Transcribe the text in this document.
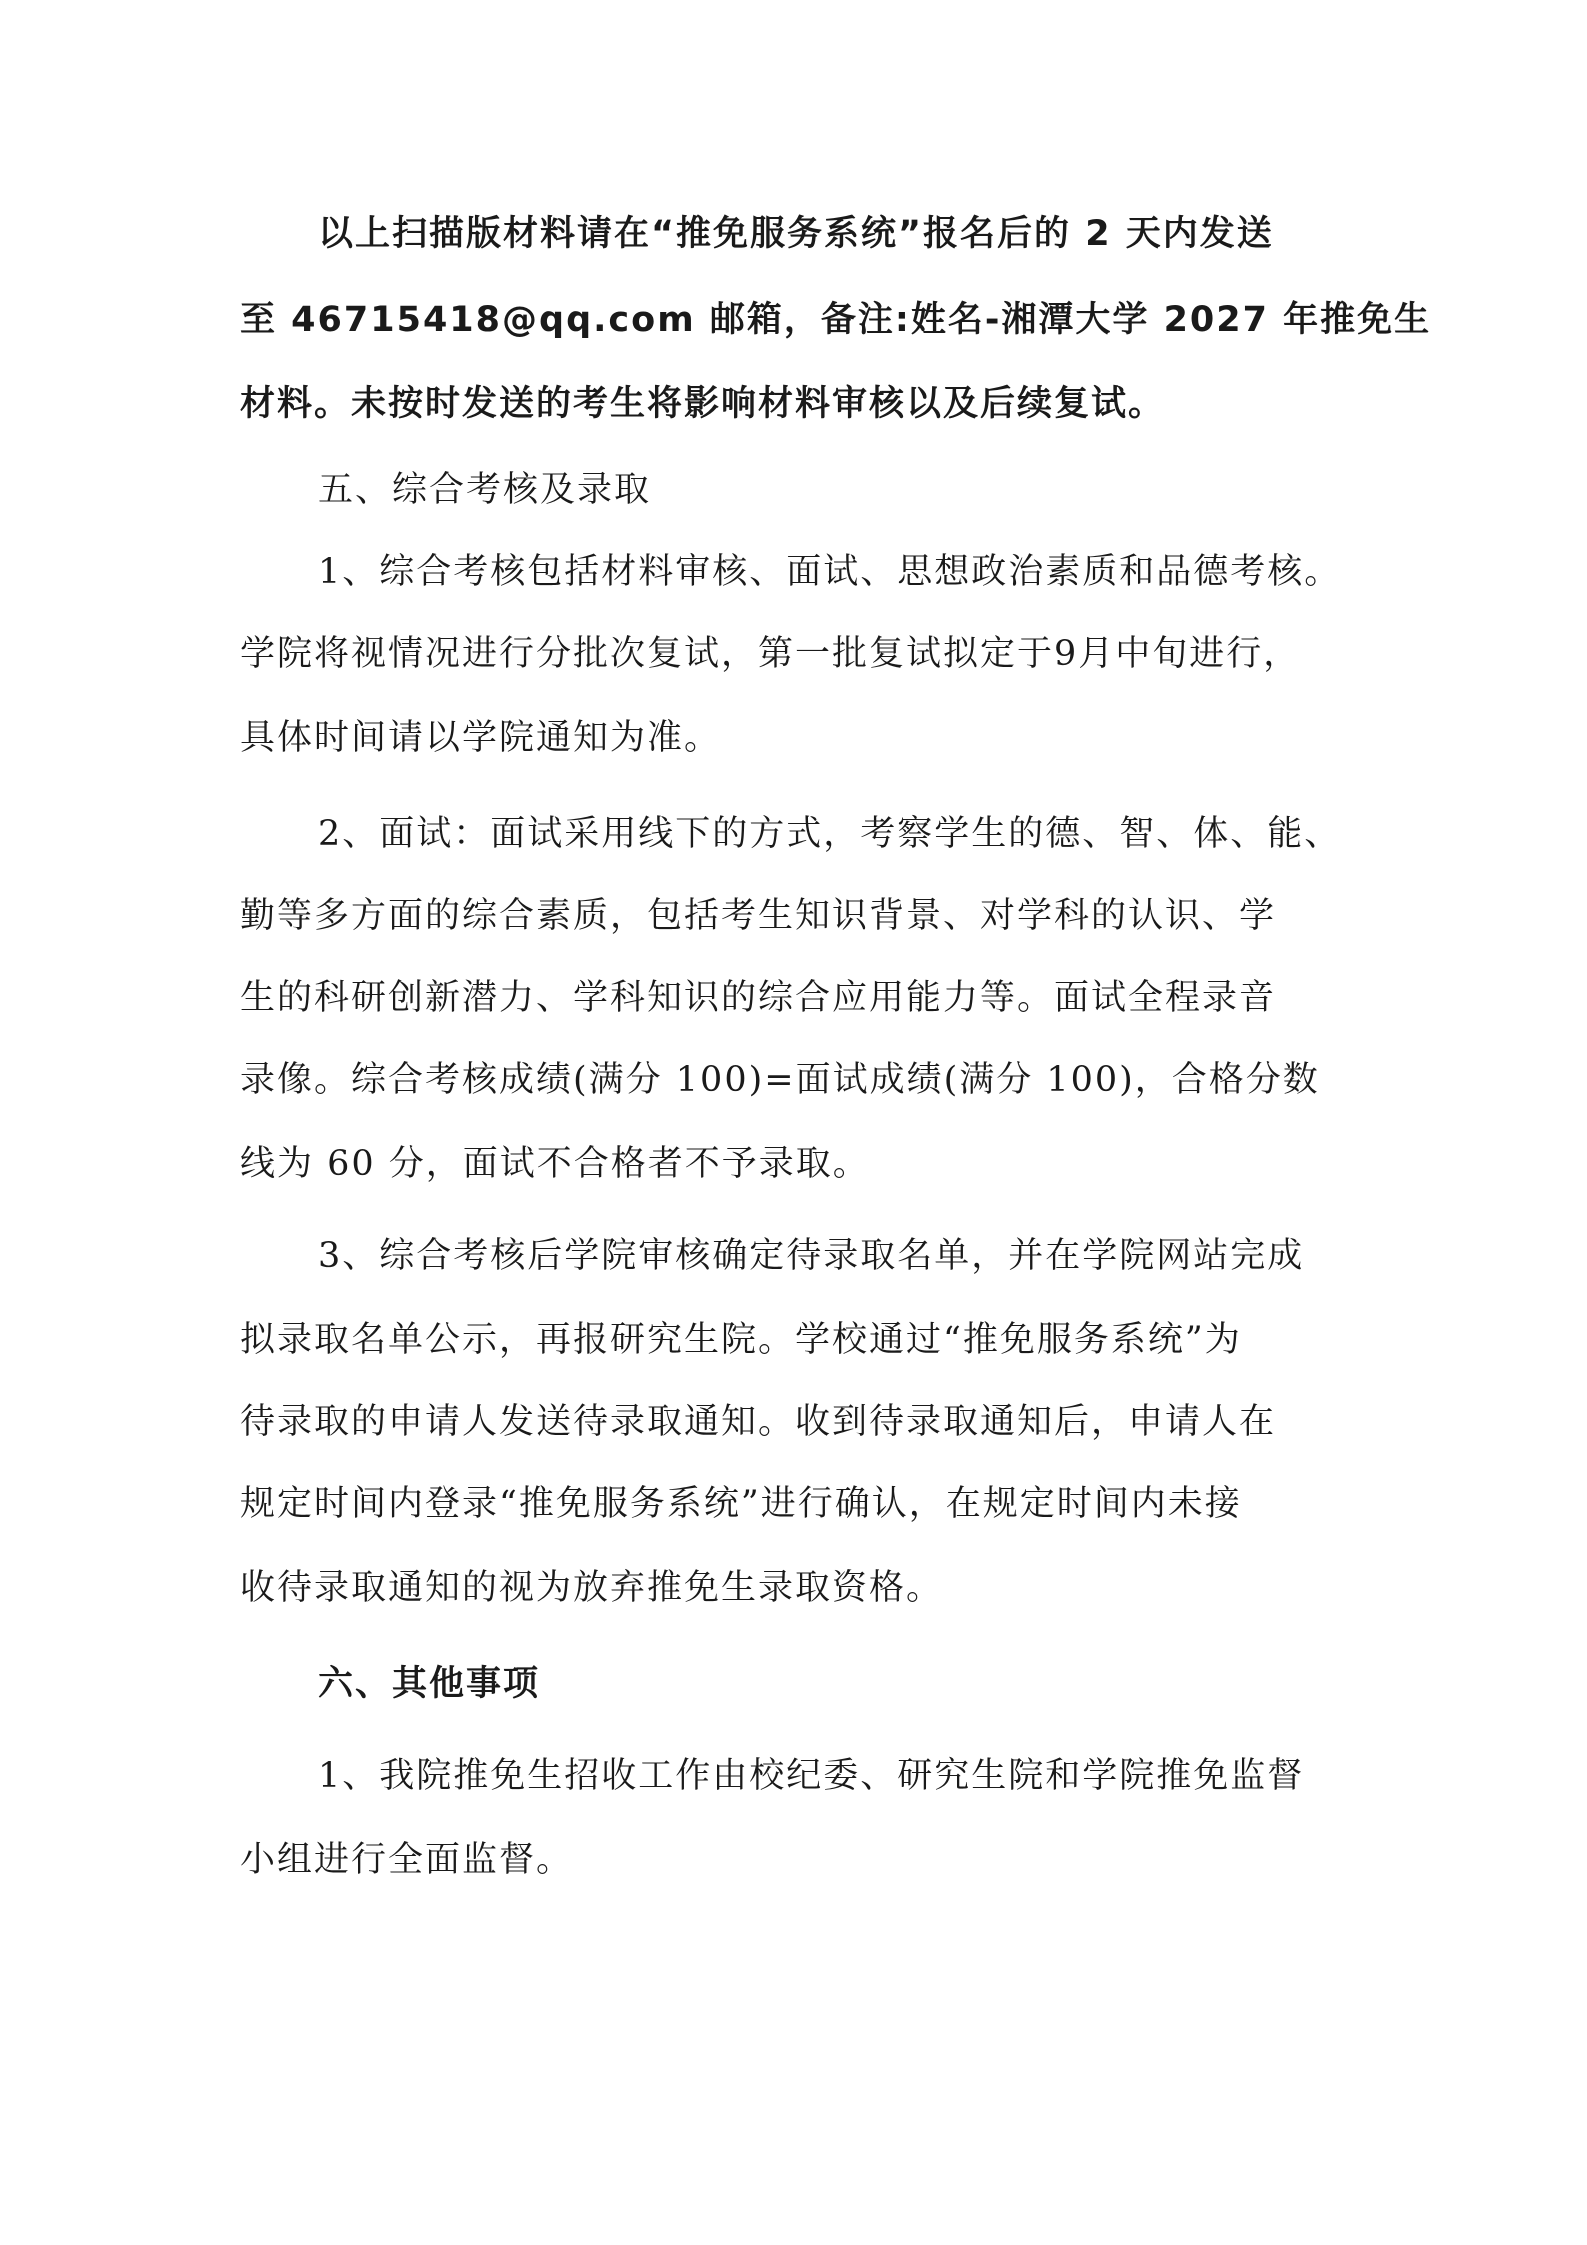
以上扫描版材料请在“推免服务系统”报名后的 2 天内发送
至 46715418@qq.com 邮箱，备注:姓名-湘潭大学 2027 年推免生
材料。未按时发送的考生将影响材料审核以及后续复试。
五、综合考核及录取
1、综合考核包括材料审核、面试、思想政治素质和品德考核。
学院将视情况进行分批次复试，第一批复试拟定于9月中旬进行，
具体时间请以学院通知为准。
2、面试：面试采用线下的方式，考察学生的德、智、体、能、
勤等多方面的综合素质，包括考生知识背景、对学科的认识、学
生的科研创新潜力、学科知识的综合应用能力等。面试全程录音
录像。综合考核成绩(满分 100)=面试成绩(满分 100)，合格分数
线为 60 分，面试不合格者不予录取。
3、综合考核后学院审核确定待录取名单，并在学院网站完成
拟录取名单公示，再报研究生院。学校通过“推免服务系统”为
待录取的申请人发送待录取通知。收到待录取通知后，申请人在
规定时间内登录“推免服务系统”进行确认，在规定时间内未接
收待录取通知的视为放弃推免生录取资格。
六、其他事项
1、我院推免生招收工作由校纪委、研究生院和学院推免监督
小组进行全面监督。
